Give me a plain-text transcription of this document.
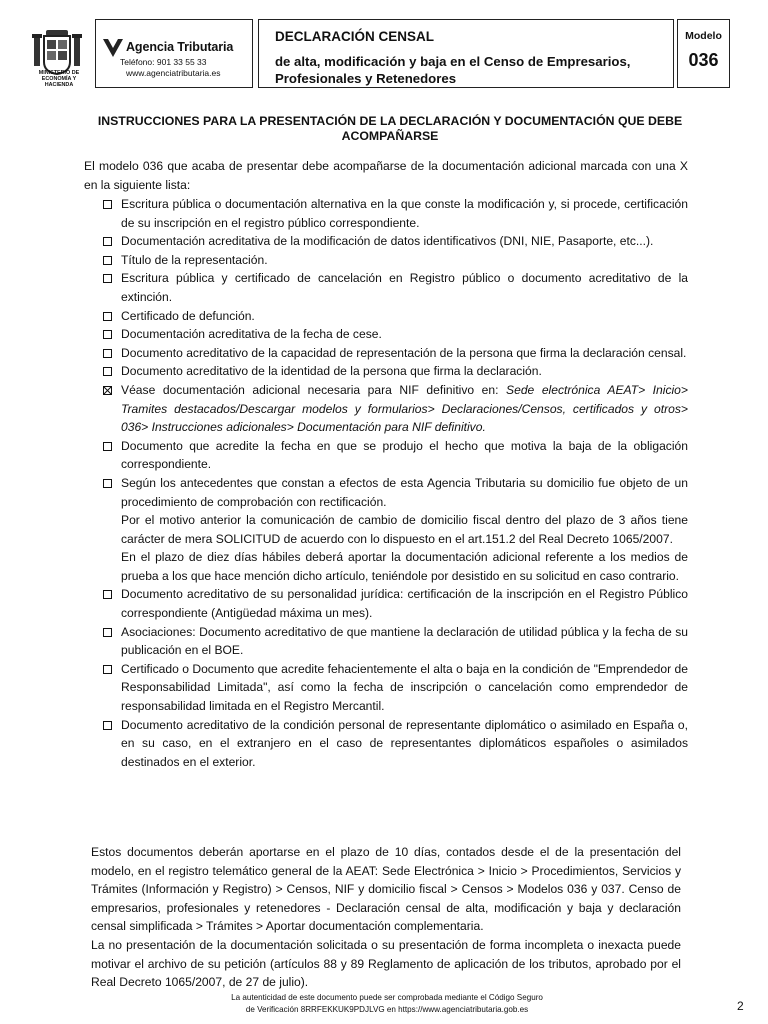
MINISTERIO DE ECONOMÍA Y HACIENDA
Agencia Tributaria
Teléfono: 901 33 55 33
www.agenciatributaria.es
DECLARACIÓN CENSAL
de alta, modificación y baja en el Censo de Empresarios, Profesionales y Retenedores
Modelo
036
INSTRUCCIONES PARA LA PRESENTACIÓN DE LA DECLARACIÓN Y DOCUMENTACIÓN QUE DEBE ACOMPAÑARSE
El modelo 036 que acaba de presentar debe acompañarse de la documentación adicional marcada con una X en la siguiente lista:
Escritura pública o documentación alternativa en la que conste la modificación y, si procede, certificación de su inscripción en el registro público correspondiente.
Documentación acreditativa de la modificación de datos identificativos (DNI, NIE, Pasaporte, etc...).
Título de la representación.
Escritura pública y certificado de cancelación en Registro público o documento acreditativo de la extinción.
Certificado de defunción.
Documentación acreditativa de la fecha de cese.
Documento acreditativo de la capacidad de representación de la persona que firma la declaración censal.
Documento acreditativo de la identidad de la persona que firma la declaración.
Véase documentación adicional necesaria para NIF definitivo en: Sede electrónica AEAT> Inicio> Tramites destacados/Descargar modelos y formularios> Declaraciones/Censos, certificados y otros> 036> Instrucciones adicionales> Documentación para NIF definitivo.
Documento que acredite la fecha en que se produjo el hecho que motiva la baja de la obligación correspondiente.
Según los antecedentes que constan a efectos de esta Agencia Tributaria su domicilio fue objeto de un procedimiento de comprobación con rectificación.

Por el motivo anterior la comunicación de cambio de domicilio fiscal dentro del plazo de 3 años tiene carácter de mera SOLICITUD de acuerdo con lo dispuesto en el art.151.2 del Real Decreto 1065/2007.

En el plazo de diez días hábiles deberá aportar la documentación adicional referente a los medios de prueba a los que hace mención dicho artículo, teniéndole por desistido en su solicitud en caso contrario.

Documento acreditativo de su personalidad jurídica: certificación de la inscripción en el Registro Público correspondiente (Antigüedad máxima un mes).
Asociaciones: Documento acreditativo de que mantiene la declaración de utilidad pública y la fecha de su publicación en el BOE.
Certificado o Documento que acredite fehacientemente el alta o baja en la condición de "Emprendedor de Responsabilidad Limitada", así como la fecha de inscripción o cancelación como emprendedor de responsabilidad limitada en el Registro Mercantil.
Documento acreditativo de la condición personal de representante diplomático o asimilado en España o, en su caso, en el extranjero en el caso de representantes diplomáticos españoles o asimilados destinados en el exterior.

Estos documentos deberán aportarse en el plazo de 10 días, contados desde el de la presentación del modelo, en el registro telemático general de la AEAT: Sede Electrónica > Inicio > Procedimientos, Servicios y Trámites (Información y Registro) > Censos, NIF y domicilio fiscal > Censos > Modelos 036 y 037. Censo de empresarios, profesionales y retenedores - Declaración censal de alta, modificación y baja y declaración censal simplificada > Trámites > Aportar documentación complementaria.

La no presentación de la documentación solicitada o su presentación de forma incompleta o inexacta puede motivar el archivo de su petición (artículos 88 y 89 Reglamento de aplicación de los tributos, aprobado por el Real Decreto 1065/2007, de 27 de julio).

La autenticidad de este documento puede ser comprobada mediante el Código Seguro
de Verificación 8RRFEKKUK9PDJLVG en https://www.agenciatributaria.gob.es	2
